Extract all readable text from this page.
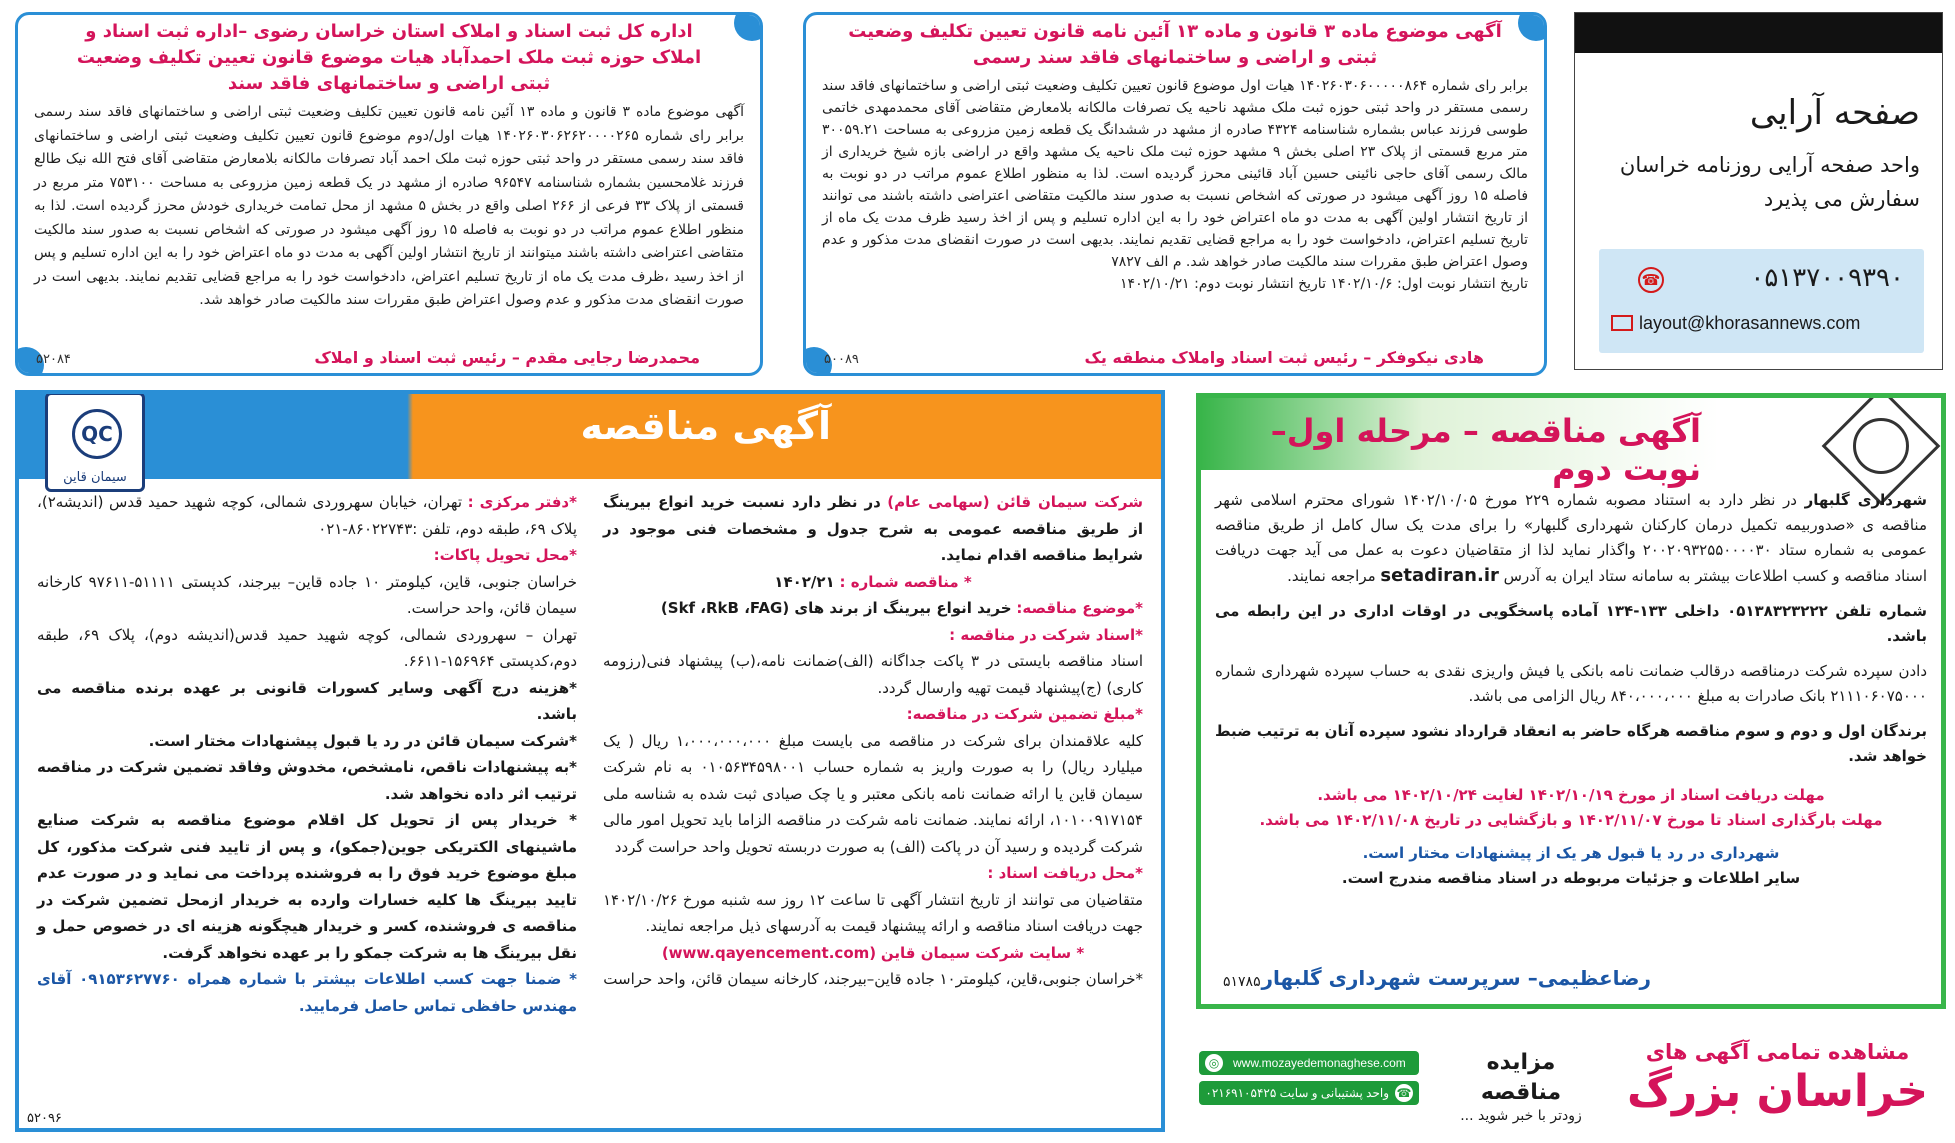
اداره کل ثبت اسناد و املاک استان خراسان رضوی –اداره ثبت اسناد و املاک حوزه ثبت ملک احمدآباد هیات موضوع قانون تعیین تکلیف وضعیت ثبتی اراضی و ساختمانهای فاقد سند
آگهی موضوع ماده ۳ قانون و ماده ۱۳ آئین نامه قانون تعیین تکلیف وضعیت ثبتی اراضی و ساختمانهای فاقد سند رسمی برابر رای شماره ۱۴۰۲۶۰۳۰۶۲۶۲۰۰۰۰۲۶۵ هیات اول/دوم موضوع قانون تعیین تکلیف وضعیت ثبتی اراضی و ساختمانهای فاقد سند رسمی مستقر در واحد ثبتی حوزه ثبت ملک احمد آباد تصرفات مالکانه بلامعارض متقاضی آقای فتح الله نیک طالع فرزند غلامحسین بشماره شناسنامه ۹۶۵۴۷ صادره از مشهد در یک قطعه زمین مزروعی به مساحت ۷۵۳۱۰۰ متر مربع در قسمتی از پلاک ۳۳ فرعی از ۲۶۶ اصلی واقع در بخش ۵ مشهد از محل تمامت خریداری خودش محرز گردیده است. لذا به منظور اطلاع عموم مراتب در دو نوبت به فاصله ۱۵ روز آگهی میشود در صورتی که اشخاص نسبت به صدور سند مالکیت متقاضی اعتراضی داشته باشند میتوانند از تاریخ انتشار اولین آگهی به مدت دو ماه اعتراض خود را به این اداره تسلیم و پس از اخذ رسید ،ظرف مدت یک ماه از تاریخ تسلیم اعتراض، دادخواست خود را به مراجع قضایی تقدیم نمایند. بدیهی است در صورت انقضای مدت مذکور و عدم وصول اعتراض طبق مقررات سند مالکیت صادر خواهد شد.
محمدرضا رجایی مقدم – رئیس ثبت اسناد و املاک
۵۲۰۸۴
آگهی موضوع ماده ۳ قانون و ماده ۱۳ آئین نامه قانون تعیین تکلیف وضعیت ثبتی و اراضی و ساختمانهای فاقد سند رسمی
برابر رای شماره ۱۴۰۲۶۰۳۰۶۰۰۰۰۰۸۶۴ هیات اول موضوع قانون تعیین تکلیف وضعیت ثبتی اراضی و ساختمانهای فاقد سند رسمی مستقر در واحد ثبتی حوزه ثبت ملک مشهد ناحیه یک تصرفات مالکانه بلامعارض متقاضی آقای محمدمهدی خاتمی طوسی فرزند عباس بشماره شناسنامه ۴۳۲۴ صادره از مشهد در ششدانگ یک قطعه زمین مزروعی به مساحت ۳۰۰۵۹.۲۱ متر مربع قسمتی از پلاک ۲۳ اصلی بخش ۹ مشهد حوزه ثبت ملک ناحیه یک مشهد واقع در اراضی بازه شیخ خریداری از مالک رسمی آقای حاجی نائینی حسین آباد قائینی محرز گردیده است. لذا به منظور اطلاع عموم مراتب در دو نوبت به فاصله ۱۵ روز آگهی میشود در صورتی که اشخاص نسبت به صدور سند مالکیت متقاضی اعتراضی داشته باشند می توانند از تاریخ انتشار اولین آگهی به مدت دو ماه اعتراض خود را به این اداره تسلیم و پس از اخذ رسید ظرف مدت یک ماه از تاریخ تسلیم اعتراض، دادخواست خود را به مراجع قضایی تقدیم نمایند. بدیهی است در صورت انقضای مدت مذکور و عدم وصول اعتراض طبق مقررات سند مالکیت صادر خواهد شد. م الف ۷۸۲۷
تاریخ انتشار نوبت اول: ۱۴۰۲/۱۰/۶ تاریخ انتشار نوبت دوم: ۱۴۰۲/۱۰/۲۱
هادی نیکوفکر – رئیس ثبت اسناد واملاک منطقه یک
۵۰۰۸۹
صفحه آرایی
واحد صفحه آرایی روزنامه خراسان سفارش می پذیرد
☎	۰۵۱۳۷۰۰۹۳۹۰
layout@khorasannews.com
آگهی مناقصه
QC
سیمان قاین

شرکت سیمان قائن (سهامی عام) در نظر دارد نسبت خرید انواع بیرینگ از طریق مناقصه عمومی به شرح جدول و مشخصات فنی موجود در شرایط مناقصه اقدام نماید.

* مناقصه شماره : ۱۴۰۲/۲۱

*موضوع مناقصه: خرید انواع بیرینگ از برند های (Skf ،RkB ،FAG)

*اسناد شرکت در مناقصه :

اسناد مناقصه بایستی در ۳ پاکت جداگانه (الف)ضمانت نامه،(ب) پیشنهاد فنی(رزومه کاری) (ج)پیشنهاد قیمت تهیه وارسال گردد.

*مبلغ تضمین شرکت در مناقصه:

کلیه علاقمندان برای شرکت در مناقصه می بایست مبلغ ۱،۰۰۰،۰۰۰،۰۰۰ ریال ( یک میلیارد ریال) را به صورت واریز به شماره حساب ۰۱۰۵۶۳۴۵۹۸۰۰۱ به نام شرکت سیمان قاین یا ارائه ضمانت نامه بانکی معتبر و یا چک صیادی ثبت شده به شناسه ملی ۱۰۱۰۰۹۱۷۱۵۴، ارائه نمایند. ضمانت نامه شرکت در مناقصه الزاما باید تحویل امور مالی شرکت گردیده و رسید آن در پاکت (الف) به صورت دربسته تحویل واحد حراست گردد

*محل دریافت اسناد :

متقاضیان می توانند از تاریخ انتشار آگهی تا ساعت ۱۲ روز سه شنبه مورخ ۱۴۰۲/۱۰/۲۶ جهت دریافت اسناد مناقصه و ارائه پیشنهاد قیمت به آدرسهای ذیل مراجعه نمایند.

* سایت شرکت سیمان قاین (www.qayencement.com)

*خراسان جنوبی،قاین، کیلومتر۱۰ جاده قاین–بیرجند، کارخانه سیمان قائن، واحد حراست

*دفتر مرکزی : تهران، خیابان سهروردی شمالی، کوچه شهید حمید قدس (اندیشه۲)، پلاک ۶۹، طبقه دوم، تلفن :۸۶۰۲۲۷۴۳-۰۲۱

*محل تحویل پاکات:

خراسان جنوبی، قاین، کیلومتر ۱۰ جاده قاین– بیرجند، کدپستی ۵۱۱۱۱-۹۷۶۱۱ کارخانه سیمان قائن، واحد حراست.

تهران – سهروردی شمالی، کوچه شهید حمید قدس(اندیشه دوم)، پلاک ۶۹، طبقه دوم،کدپستی ۱۵۶۹۶۴-۶۶۱۱.

*هزینه درج آگهی وسایر کسورات قانونی بر عهده برنده مناقصه می باشد.

*شرکت سیمان قائن در رد یا قبول پیشنهادات مختار است.

*به پیشنهادات ناقص، نامشخص، مخدوش وفاقد تضمین شرکت در مناقصه ترتیب اثر داده نخواهد شد.

* خریدار پس از تحویل کل اقلام موضوع مناقصه به شرکت صنایع ماشینهای الکتریکی جوین(جمکو)، و پس از تایید فنی شرکت مذکور، کل مبلغ موضوع خرید فوق را به فروشنده پرداخت می نماید و در صورت عدم تایید بیرینگ ها کلیه خسارات وارده به خریدار ازمحل تضمین شرکت در مناقصه ی فروشنده، کسر و خریدار هیچگونه هزینه ای در خصوص حمل و نقل بیرینگ ها به شرکت جمکو را بر عهده نخواهد گرفت.

* ضمنا جهت کسب اطلاعات بیشتر با شماره همراه ۰۹۱۵۳۶۲۷۷۶۰ آقای مهندس حافظی تماس حاصل فرمایید.

۵۲۰۹۶
آگهی مناقصه – مرحله اول–نوبت دوم

شهرداری گلبهار در نظر دارد به استناد مصوبه شماره ۲۲۹ مورخ ۱۴۰۲/۱۰/۰۵ شورای محترم اسلامی شهر مناقصه ی «صدوربیمه تکمیل درمان کارکنان شهرداری گلبهار» را برای مدت یک سال کامل از طریق مناقصه عمومی به شماره ستاد ۲۰۰۲۰۹۳۲۵۵۰۰۰۰۳۰ واگذار نماید لذا از متقاضیان دعوت به عمل می آید جهت دریافت اسناد مناقصه و کسب اطلاعات بیشتر به سامانه ستاد ایران به آدرس setadiran.ir مراجعه نمایند.

شماره تلفن ۰۵۱۳۸۳۲۳۲۲۲ داخلی ۱۳۳-۱۳۴ آماده پاسخگویی در اوقات اداری در این رابطه می باشد.

دادن سپرده شرکت درمناقصه درقالب ضمانت نامه بانکی یا فیش واریزی نقدی به حساب سپرده شهرداری شماره ۲۱۱۱۰۶۰۷۵۰۰۰ بانک صادرات به مبلغ ۸۴۰،۰۰۰،۰۰۰ ریال الزامی می باشد.

برندگان اول و دوم و سوم مناقصه هرگاه حاضر به انعقاد قرارداد نشود سپرده آنان به ترتیب ضبط خواهد شد.

مهلت دریافت اسناد از مورخ ۱۴۰۲/۱۰/۱۹ لغایت ۱۴۰۲/۱۰/۲۴ می باشد.

مهلت بارگذاری اسناد تا مورخ ۱۴۰۲/۱۱/۰۷ و بازگشایی در تاریخ ۱۴۰۲/۱۱/۰۸ می باشد.

شهرداری در رد یا قبول هر یک از پیشنهادات مختار است.

سایر اطلاعات و جزئیات مربوطه در اسناد مناقصه مندرج است.

رضاعظیمی– سرپرست شهرداری گلبهار
۵۱۷۸۵
◎	www.mozayedemonaghese.com
☎
واحد پشتیبانی و سایت ۰۲۱۶۹۱۰۵۴۲۵
مزایده مناقصه
زودتر با خبر شوید ...
مشاهده تمامی آگهی های
خراسان بزرگ
